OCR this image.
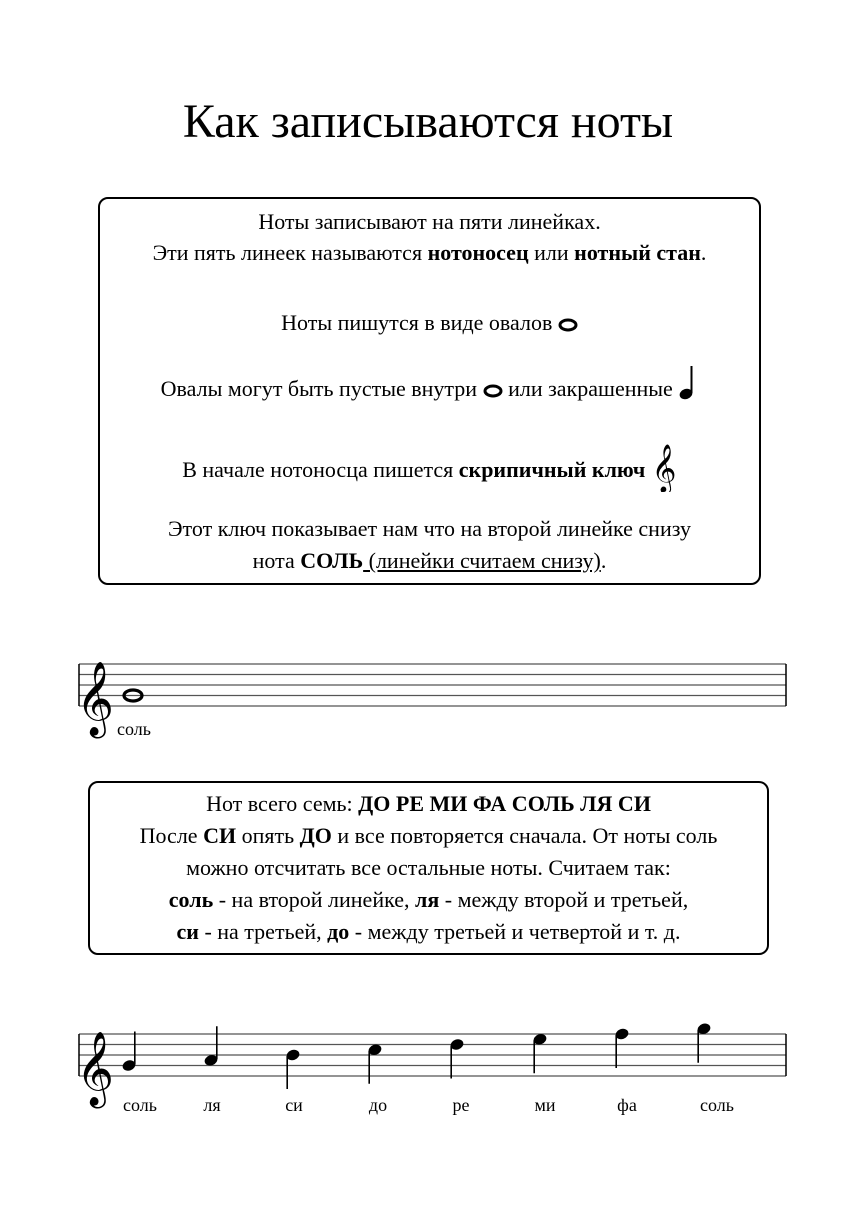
Как записываются ноты
Ноты записывают на пяти линейках.
Эти пять линеек называются нотоносец или нотный стан.
Ноты пишутся в виде овалов
Овалы могут быть пустые внутри или закрашенные
В начале нотоносца пишется скрипичный ключ 𝄞
Этот ключ показывает нам что на второй линейке снизу
нота СОЛЬ (линейки считаем снизу).
𝄞 соль
Нот всего семь: ДО РЕ МИ ФА СОЛЬ ЛЯ СИ
После СИ опять ДО и все повторяется сначала. От ноты соль
можно отсчитать все остальные ноты. Считаем так:
соль - на второй линейке, ля - между второй и третьей,
си - на третьей, до - между третьей и четвертой и т. д.
𝄞 соль	ля	си	до	ре	ми	фа	соль
